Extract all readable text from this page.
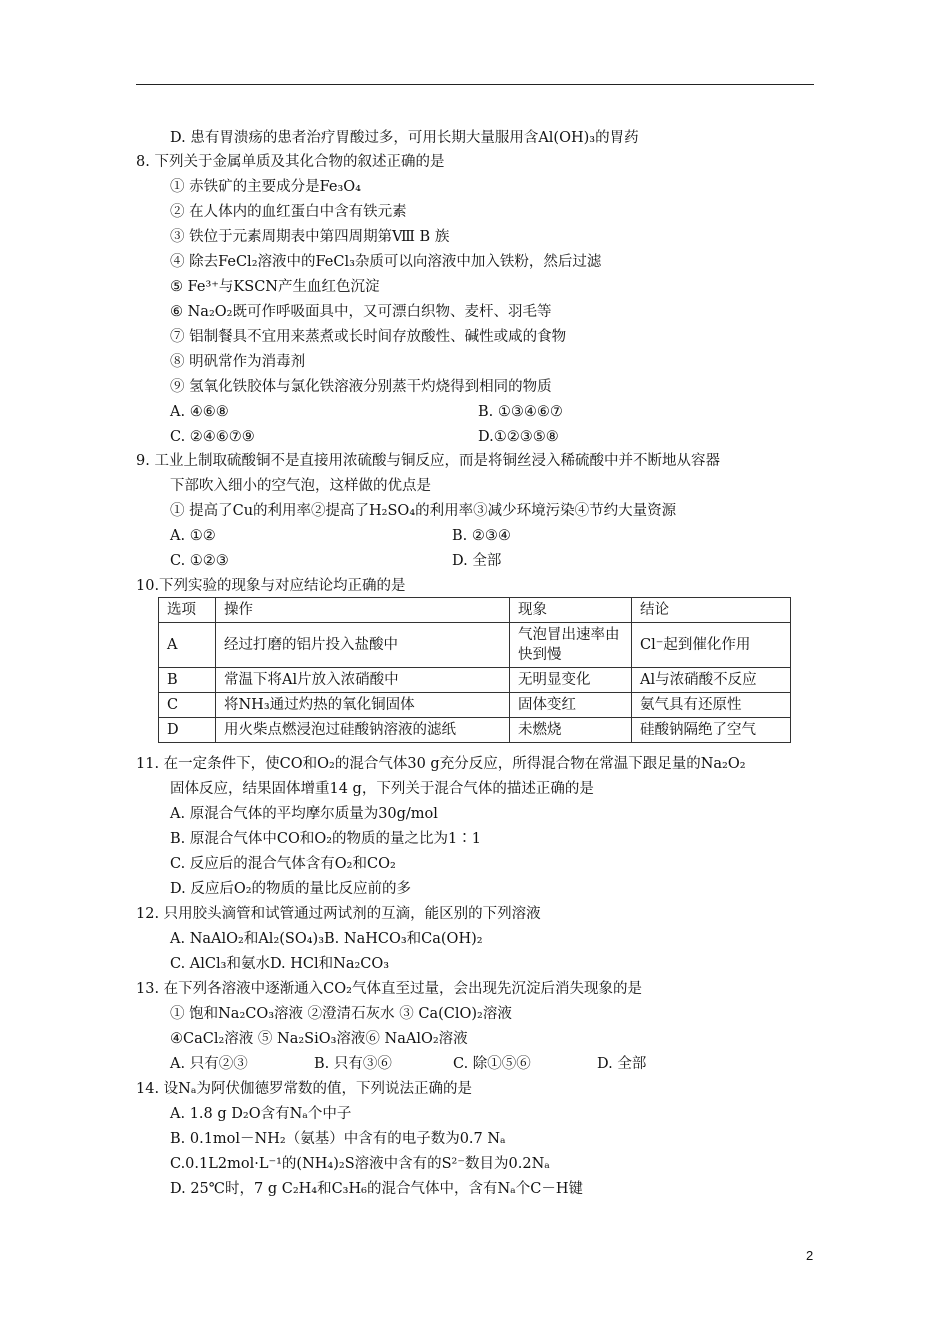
D. 患有胃溃疡的患者治疗胃酸过多，可用长期大量服用含Al(OH)₃的胃药
8. 下列关于金属单质及其化合物的叙述正确的是
① 赤铁矿的主要成分是Fe₃O₄
② 在人体内的血红蛋白中含有铁元素
③ 铁位于元素周期表中第四周期第Ⅷ B 族
④ 除去FeCl₂溶液中的FeCl₃杂质可以向溶液中加入铁粉，然后过滤
⑤ Fe³⁺与KSCN产生血红色沉淀
⑥ Na₂O₂既可作呼吸面具中，又可漂白织物、麦杆、羽毛等
⑦ 铝制餐具不宜用来蒸煮或长时间存放酸性、碱性或咸的食物
⑧ 明矾常作为消毒剂
⑨ 氢氧化铁胶体与氯化铁溶液分别蒸干灼烧得到相同的物质
A. ④⑥⑧	B. ①③④⑥⑦
C. ②④⑥⑦⑨	D.①②③⑤⑧
9. 工业上制取硫酸铜不是直接用浓硫酸与铜反应，而是将铜丝浸入稀硫酸中并不断地从容器
下部吹入细小的空气泡，这样做的优点是
① 提高了Cu的利用率②提高了H₂SO₄的利用率③减少环境污染④节约大量资源
A. ①②	B. ②③④
C. ①②③	D. 全部
10.下列实验的现象与对应结论均正确的是
选项	操作	现象	结论
A	经过打磨的铝片投入盐酸中	气泡冒出速率由快到慢	Cl⁻起到催化作用
B	常温下将Al片放入浓硝酸中	无明显变化	Al与浓硝酸不反应
C	将NH₃通过灼热的氧化铜固体	固体变红	氨气具有还原性
D	用火柴点燃浸泡过硅酸钠溶液的滤纸	未燃烧	硅酸钠隔绝了空气
11. 在一定条件下，使CO和O₂的混合气体30 g充分反应，所得混合物在常温下跟足量的Na₂O₂
固体反应，结果固体增重14 g，下列关于混合气体的描述正确的是
A. 原混合气体的平均摩尔质量为30g/mol
B. 原混合气体中CO和O₂的物质的量之比为1∶1
C. 反应后的混合气体含有O₂和CO₂
D. 反应后O₂的物质的量比反应前的多
12. 只用胶头滴管和试管通过两试剂的互滴，能区别的下列溶液
A. NaAlO₂和Al₂(SO₄)₃B. NaHCO₃和Ca(OH)₂
C. AlCl₃和氨水D. HCl和Na₂CO₃
13. 在下列各溶液中逐渐通入CO₂气体直至过量，会出现先沉淀后消失现象的是
① 饱和Na₂CO₃溶液 ②澄清石灰水 ③ Ca(ClO)₂溶液
④CaCl₂溶液 ⑤ Na₂SiO₃溶液⑥ NaAlO₂溶液
A. 只有②③	B. 只有③⑥	C. 除①⑤⑥	D. 全部
14. 设Nₐ为阿伏伽德罗常数的值，下列说法正确的是
A. 1.8 g D₂O含有Nₐ个中子
B. 0.1mol－NH₂（氨基）中含有的电子数为0.7 Nₐ
C.0.1L2mol·L⁻¹的(NH₄)₂S溶液中含有的S²⁻数目为0.2Nₐ
D. 25℃时，7 g C₂H₄和C₃H₆的混合气体中，含有Nₐ个C－H键
2
